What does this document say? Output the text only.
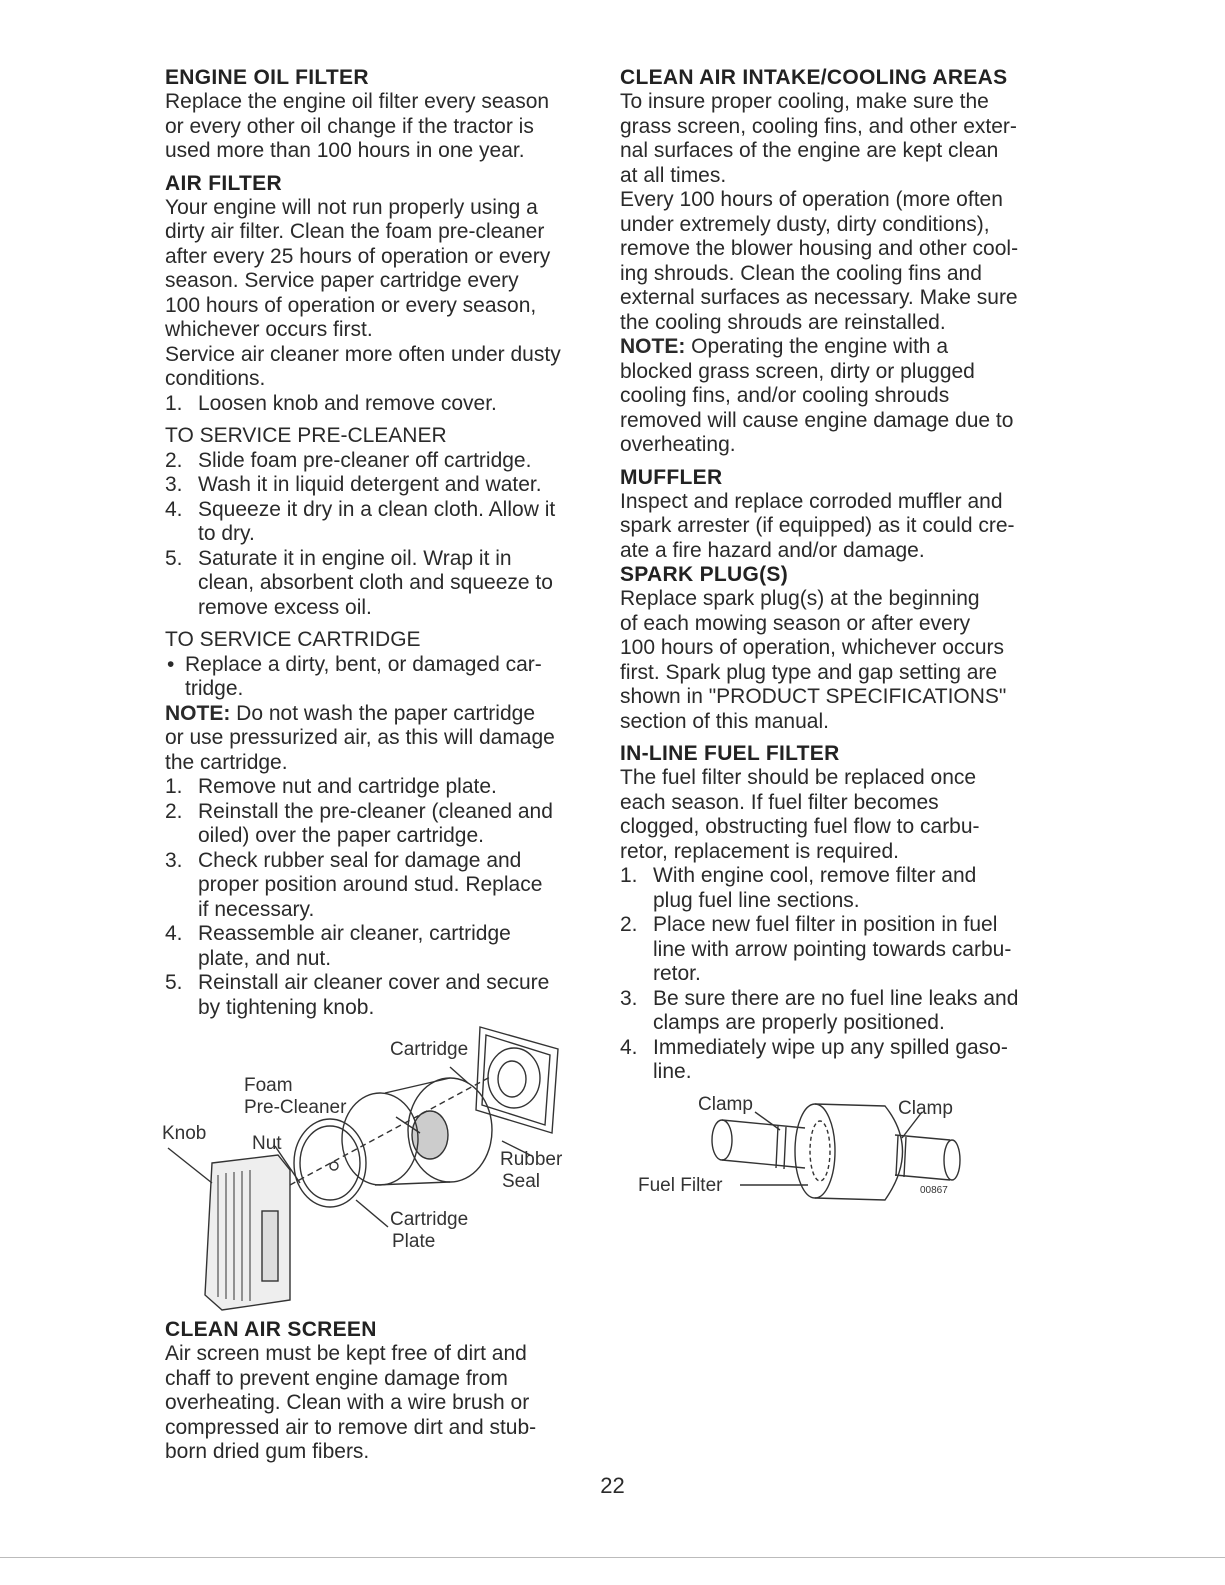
ENGINE OIL FILTER

Replace the engine oil filter every season
or every other oil change if the tractor is
used more than 100 hours in one year.

AIR FILTER

Your engine will not run properly using a
dirty air filter. Clean the foam pre-cleaner
after every 25 hours of operation or every
season. Service paper cartridge every
100 hours of operation or every season,
whichever occurs first.
Service air cleaner more often under dusty
conditions.

1. Loosen knob and remove cover.

TO SERVICE PRE-CLEANER

2. Slide foam pre-cleaner off cartridge.
3. Wash it in liquid detergent and water.
4. Squeeze it dry in a clean cloth. Allow it
to dry.
5. Saturate it in engine oil. Wrap it in
clean, absorbent cloth and squeeze to
remove excess oil.

TO SERVICE CARTRIDGE

• Replace a dirty, bent, or damaged car-
tridge.

NOTE: Do not wash the paper cartridge
or use pressurized air, as this will damage
the cartridge.

1. Remove nut and cartridge plate.
2. Reinstall the pre-cleaner (cleaned and
oiled) over the paper cartridge.
3. Check rubber seal for damage and
proper position around stud. Replace
if necessary.
4. Reassemble air cleaner, cartridge
plate, and nut.
5. Reinstall air cleaner cover and secure
by tightening knob.
Cartridge
Foam
Pre-Cleaner
Knob Nut
Rubber
Seal
Cartridge
Plate
CLEAN AIR SCREEN

Air screen must be kept free of dirt and
chaff to prevent engine damage from
overheating. Clean with a wire brush or
compressed air to remove dirt and stub-
born dried gum fibers.

CLEAN AIR INTAKE/COOLING AREAS

To insure proper cooling, make sure the
grass screen, cooling fins, and other exter-
nal surfaces of the engine are kept clean
at all times.

Every 100 hours of operation (more often
under extremely dusty, dirty conditions),
remove the blower housing and other cool-
ing shrouds. Clean the cooling fins and
external surfaces as necessary. Make sure
the cooling shrouds are reinstalled.

NOTE: Operating the engine with a
blocked grass screen, dirty or plugged
cooling fins, and/or cooling shrouds
removed will cause engine damage due to
overheating.

MUFFLER

Inspect and replace corroded muffler and
spark arrester (if equipped) as it could cre-
ate a fire hazard and/or damage.

SPARK PLUG(S)

Replace spark plug(s) at the beginning
of each mowing season or after every
100 hours of operation, whichever occurs
first. Spark plug type and gap setting are
shown in "PRODUCT SPECIFICATIONS"
section of this manual.

IN-LINE FUEL FILTER

The fuel filter should be replaced once
each season. If fuel filter becomes
clogged, obstructing fuel flow to carbu-
retor, replacement is required.

1. With engine cool, remove filter and
plug fuel line sections.
2. Place new fuel filter in position in fuel
line with arrow pointing towards carbu-
retor.
3. Be sure there are no fuel line leaks and
clamps are properly positioned.
4. Immediately wipe up any spilled gaso-
line.
Clamp	Clamp
Fuel Filter	00867
22
